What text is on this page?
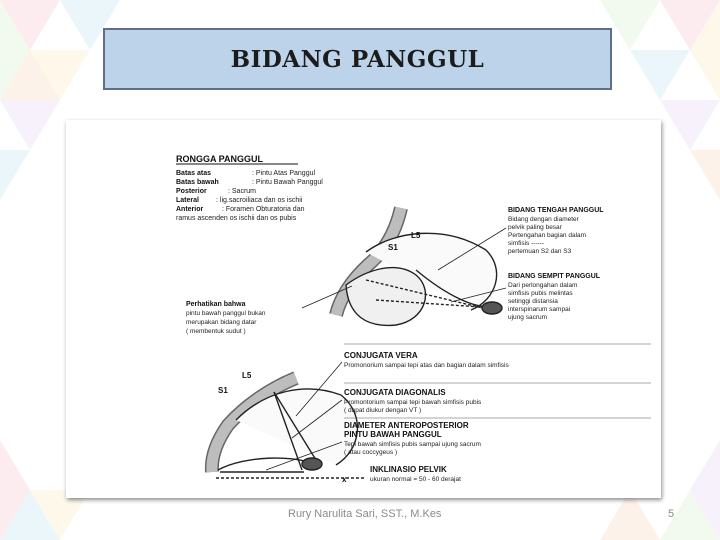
BIDANG PANGGUL
RONGGA PANGGUL
Batas atas	: Pintu Atas Panggul
Batas bawah	: Pintu Bawah Panggul
Posterior	: Sacrum
Lateral : lig.sacroiliaca dan os ischii
Anterior	: Foramen Obturatoria dan
ramus ascenden os ischii dan os pubis
L5
S1
BIDANG TENGAH PANGGUL
Bidang dengan diameter
pelvik paling besar
Pertengahan bagian dalam
simfisis ------
pertemuan S2 dan S3
BIDANG SEMPIT PANGGUL
Dari perlongahan dalam
simfisis pubis melintas
setinggi distansia
interspinarum sampai
ujung sacrum
Perhatikan bahwa
pintu bawah panggul bukan
merupakan bidang datar
( membentuk sudut )
L5
S1
x
CONJUGATA VERA
Promonorium sampai tepi atas dan bagian dalam simfisis
CONJUGATA DIAGONALIS
Promontorium sampai tepi bawah simfisis pubis
( dapat diukur dengan VT )
DIAMETER ANTEROPOSTERIOR
PINTU BAWAH PANGGUL
Tepi bawah simfisis pubis sampai ujung sacrum
( atau coccygeus )
INKLINASIO PELVIK
ukuran normal = 50 - 60 derajat
Rury Narulita Sari, SST., M.Kes	5
